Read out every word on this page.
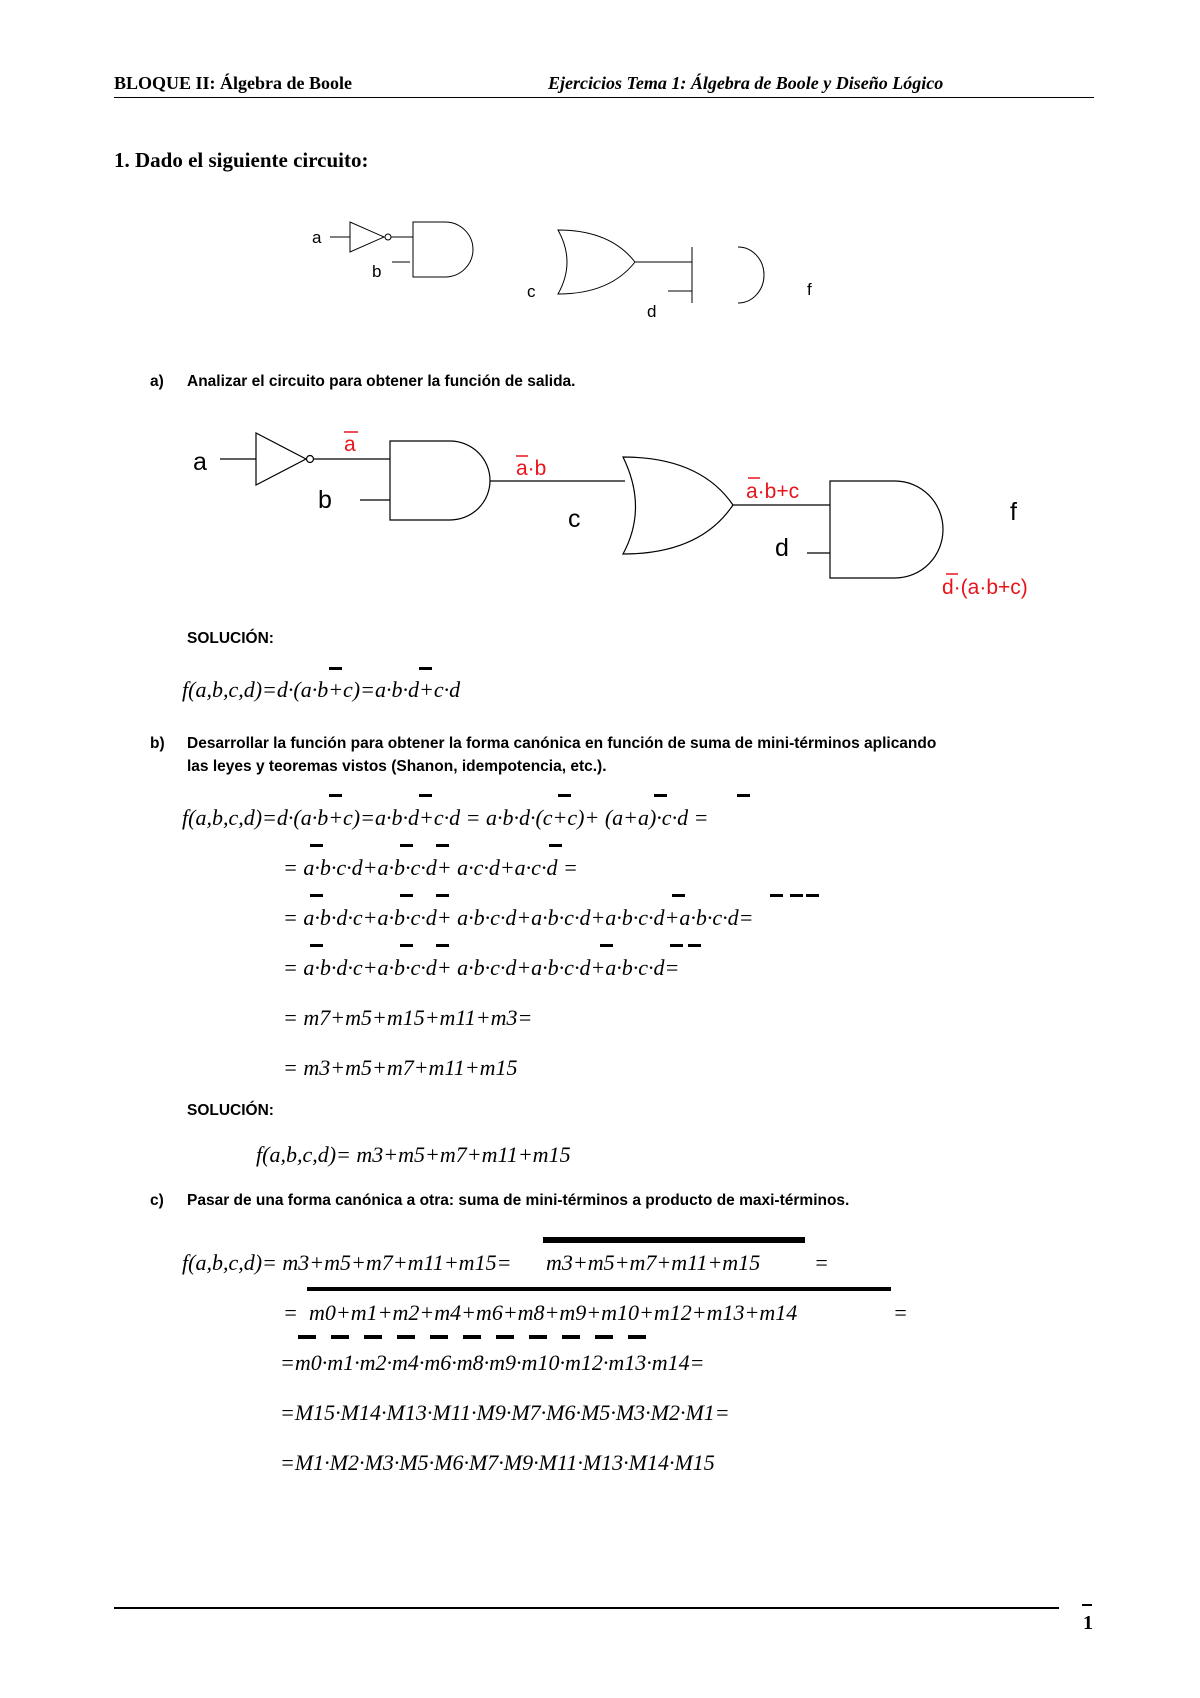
BLOQUE II: Álgebra de Boole	Ejercicios Tema 1: Álgebra de Boole y Diseño Lógico
1. Dado el siguiente circuito:
a
b
c
d
f
a) Analizar el circuito para obtener la función de salida.
a
b
c
d
f
a
a·b
a·b+c
d·(a·b+c)
SOLUCIÓN:
f(a,b,c,d)=d·(a·b+c)=a·b·d+c·d
b) Desarrollar la función para obtener la forma canónica en función de suma de mini-términos aplicando
las leyes y teoremas vistos (Shanon, idempotencia, etc.).
f(a,b,c,d)=d·(a·b+c)=a·b·d+c·d = a·b·d·(c+c)+ (a+a)·c·d =
= a·b·c·d+a·b·c·d+ a·c·d+a·c·d =
= a·b·d·c+a·b·c·d+ a·b·c·d+a·b·c·d+a·b·c·d+a·b·c·d=
= a·b·d·c+a·b·c·d+ a·b·c·d+a·b·c·d+a·b·c·d=
= m7+m5+m15+m11+m3=
= m3+m5+m7+m11+m15
SOLUCIÓN:
f(a,b,c,d)= m3+m5+m7+m11+m15
c) Pasar de una forma canónica a otra: suma de mini-términos a producto de maxi-términos.
f(a,b,c,d)= m3+m5+m7+m11+m15= m3+m5+m7+m11+m15 =
= m0+m1+m2+m4+m6+m8+m9+m10+m12+m13+m14	=
=m0·m1·m2·m4·m6·m8·m9·m10·m12·m13·m14=
=M15·M14·M13·M11·M9·M7·M6·M5·M3·M2·M1=
=M1·M2·M3·M5·M6·M7·M9·M11·M13·M14·M15
1
